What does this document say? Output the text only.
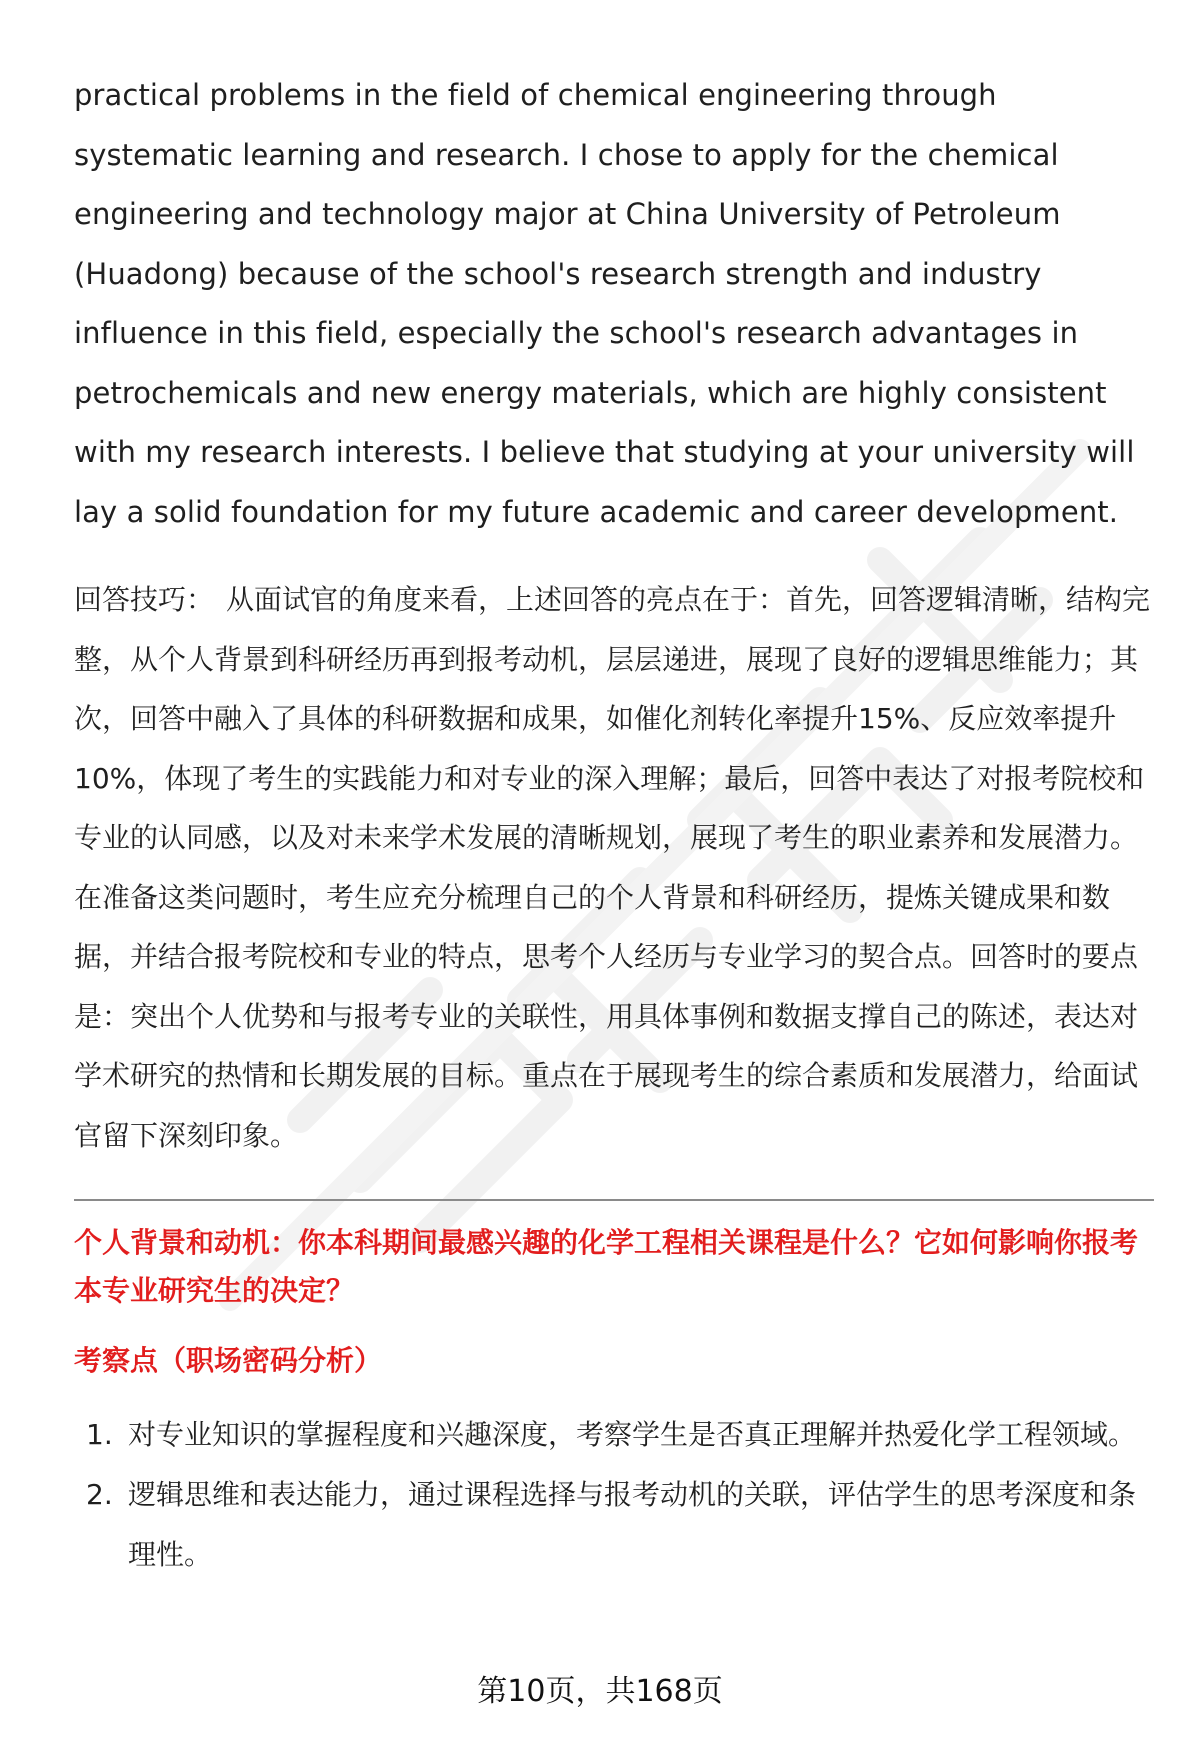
practical problems in the field of chemical engineering through systematic learning and research. I chose to apply for the chemical engineering and technology major at China University of Petroleum (Huadong) because of the school's research strength and industry influence in this field, especially the school's research advantages in petrochemicals and new energy materials, which are highly consistent with my research interests. I believe that studying at your university will lay a solid foundation for my future academic and career development.

回答技巧： 从面试官的角度来看，上述回答的亮点在于：首先，回答逻辑清晰，结构完整，从个人背景到科研经历再到报考动机，层层递进，展现了良好的逻辑思维能力；其次，回答中融入了具体的科研数据和成果，如催化剂转化率提升15%、反应效率提升10%，体现了考生的实践能力和对专业的深入理解；最后，回答中表达了对报考院校和专业的认同感，以及对未来学术发展的清晰规划，展现了考生的职业素养和发展潜力。在准备这类问题时，考生应充分梳理自己的个人背景和科研经历，提炼关键成果和数据，并结合报考院校和专业的特点，思考个人经历与专业学习的契合点。回答时的要点是：突出个人优势和与报考专业的关联性，用具体事例和数据支撑自己的陈述，表达对学术研究的热情和长期发展的目标。重点在于展现考生的综合素质和发展潜力，给面试官留下深刻印象。

个人背景和动机：你本科期间最感兴趣的化学工程相关课程是什么？它如何影响你报考本专业研究生的决定？
考察点（职场密码分析）
1. 对专业知识的掌握程度和兴趣深度，考察学生是否真正理解并热爱化学工程领域。
2. 逻辑思维和表达能力，通过课程选择与报考动机的关联，评估学生的思考深度和条理性。
第10页，共168页
